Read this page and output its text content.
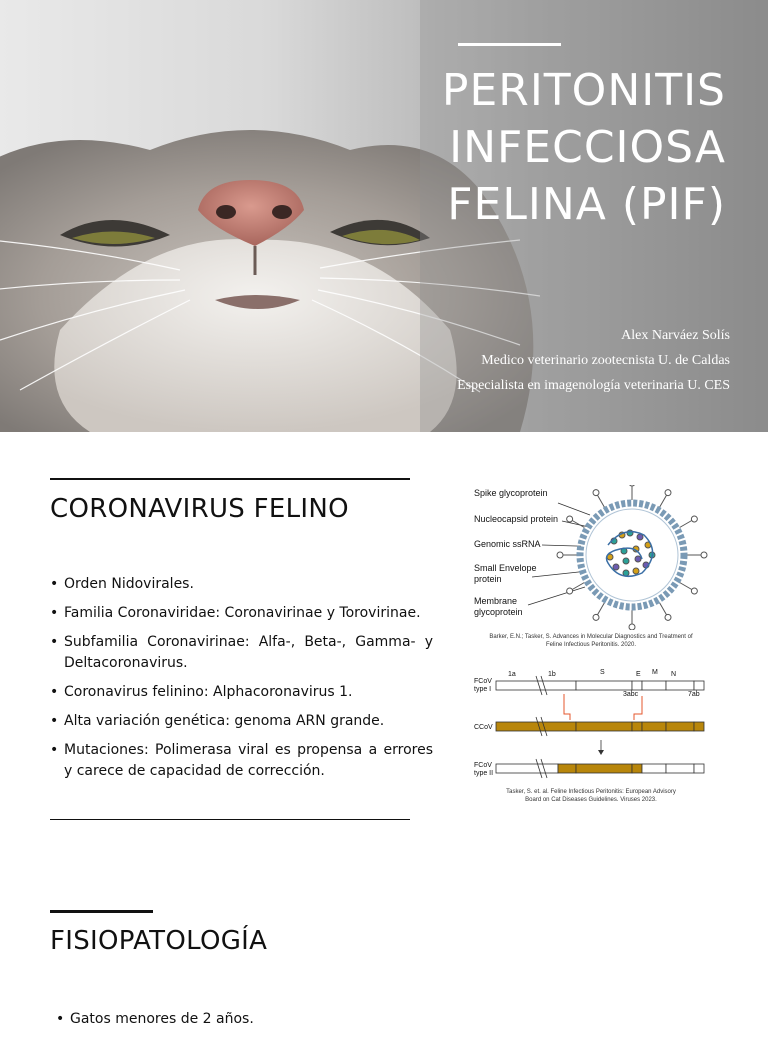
PERITONITIS
INFECCIOSA
FELINA (PIF)
Alex Narváez Solís
Medico veterinario zootecnista U. de Caldas
Especialista en imagenología veterinaria U. CES
CORONAVIRUS FELINO
• Orden Nidovirales.
• Familia Coronaviridae: Coronavirinae y Torovirinae.
• Subfamilia Coronavirinae: Alfa-, Beta-, Gamma- y Deltacoronavirus.
• Coronavirus felinino: Alphacoronavirus 1.
• Alta variación genética: genoma ARN grande.
• Mutaciones: Polimerasa viral es propensa a errores y carece de capacidad de corrección.
Spike glycoprotein
Nucleocapsid protein
Genomic ssRNA
Small Envelope protein
Membrane glycoprotein
Barker, E.N.; Tasker, S. Advances in Molecular Diagnostics and Treatment of
Feline Infectious Peritonitis. 2020.
1a	1b	S	E M N
3abc	7ab
FCoV
type I
CCoV
FCoV
type II
Tasker, S. et. al. Feline Infectious Peritonitis: European Advisory
Board on Cat Diseases Guidelines. Viruses 2023.
FISIOPATOLOGÍA
• Gatos menores de 2 años.
